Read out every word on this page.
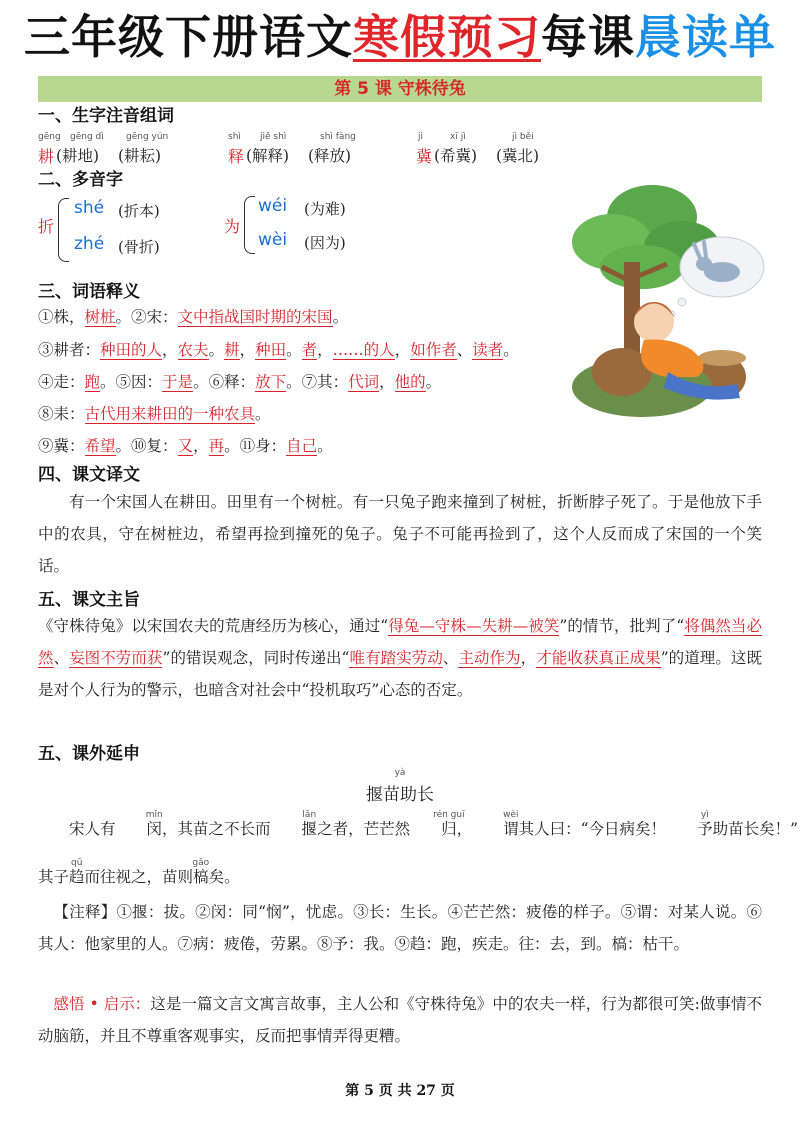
三年级下册语文寒假预习每课晨读单
第 5 课 守株待兔
一、生字注音组词
gēng gēng dì gēng yún
耕 (耕地) (耕耘)
shì jiě shì	shì fàng
释 (解释) (释放)
jì	xī jì	jì běi
冀 (希冀) (冀北)
二、多音字
折
shé (折本)
zhé (骨折)
为
wéi (为难)
wèi (因为)
三、词语释义
①株，树桩。②宋：文中指战国时期的宋国。
③耕者：种田的人，农夫。耕，种田。者，……的人，如作者、读者。
④走：跑。⑤因：于是。⑥释：放下。⑦其：代词，他的。
⑧耒：古代用来耕田的一种农具。
⑨冀：希望。⑩复：又，再。⑪身：自己。
四、课文译文
有一个宋国人在耕田。田里有一个树桩。有一只兔子跑来撞到了树桩，折断脖子死了。于是他放下手中的农具，守在树桩边，希望再捡到撞死的兔子。兔子不可能再捡到了，这个人反而成了宋国的一个笑话。
五、课文主旨
《守株待兔》以宋国农夫的荒唐经历为核心，通过“得兔—守株—失耕—被笑”的情节，批判了“将偶然当必然、妄图不劳而获”的错误观念，同时传递出“唯有踏实劳动、主动作为，才能收获真正成果”的道理。这既是对个人行为的警示，也暗含对社会中“投机取巧”心态的否定。
五、课外延申
yà
揠苗助长
宋人有
mǐn
闵，其苗之不长而
lǎn
揠之者，芒芒然
rén guī
归，
wèi
谓其人曰：“今日病矣！
yì
予助苗长矣！”
其子
qū
趋而往视之，苗则
gǎo
槁矣。
【注释】①揠：拔。②闵：同“悯”，忧虑。③长：生长。④芒芒然：疲倦的样子。⑤谓：对某人说。⑥其人：他家里的人。⑦病：疲倦，劳累。⑧予：我。⑨趋：跑，疾走。往：去，到。槁：枯干。
感悟 • 启示：这是一篇文言文寓言故事，主人公和《守株待兔》中的农夫一样，行为都很可笑:做事情不动脑筋，并且不尊重客观事实，反而把事情弄得更糟。
第 5 页 共 27 页
